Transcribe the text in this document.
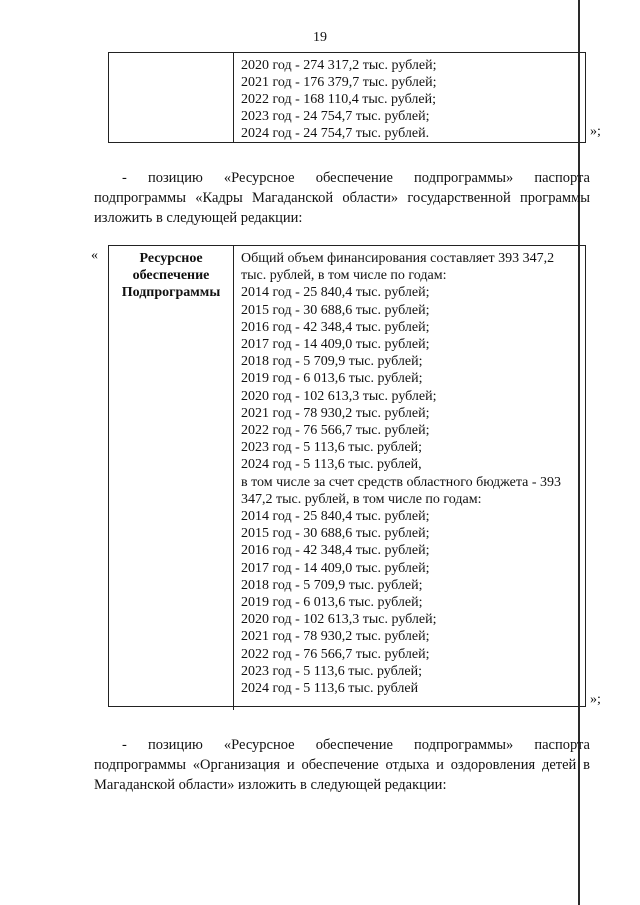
19
2020 год - 274 317,2 тыс. рублей;
2021 год - 176 379,7 тыс. рублей;
2022 год - 168 110,4 тыс. рублей;
2023 год - 24 754,7 тыс. рублей;
2024 год - 24 754,7 тыс. рублей.	»;
- позицию «Ресурсное обеспечение подпрограммы» паспорта
подпрограммы «Кадры Магаданской области» государственной программы
изложить в следующей редакции:
«	Ресурсное
обеспечение
Подпрограммы
Общий объем финансирования составляет 393 347,2
тыс. рублей, в том числе по годам:
2014 год - 25 840,4 тыс. рублей;
2015 год - 30 688,6 тыс. рублей;
2016 год - 42 348,4 тыс. рублей;
2017 год - 14 409,0 тыс. рублей;
2018 год - 5 709,9 тыс. рублей;
2019 год - 6 013,6 тыс. рублей;
2020 год - 102 613,3 тыс. рублей;
2021 год - 78 930,2 тыс. рублей;
2022 год - 76 566,7 тыс. рублей;
2023 год - 5 113,6 тыс. рублей;
2024 год - 5 113,6 тыс. рублей,
в том числе за счет средств областного бюджета - 393
347,2 тыс. рублей, в том числе по годам:
2014 год - 25 840,4 тыс. рублей;
2015 год - 30 688,6 тыс. рублей;
2016 год - 42 348,4 тыс. рублей;
2017 год - 14 409,0 тыс. рублей;
2018 год - 5 709,9 тыс. рублей;
2019 год - 6 013,6 тыс. рублей;
2020 год - 102 613,3 тыс. рублей;
2021 год - 78 930,2 тыс. рублей;
2022 год - 76 566,7 тыс. рублей;
2023 год - 5 113,6 тыс. рублей;
2024 год - 5 113,6 тыс. рублей
»;
- позицию «Ресурсное обеспечение подпрограммы» паспорта
подпрограммы «Организация и обеспечение отдыха и оздоровления детей в
Магаданской области» изложить в следующей редакции:
